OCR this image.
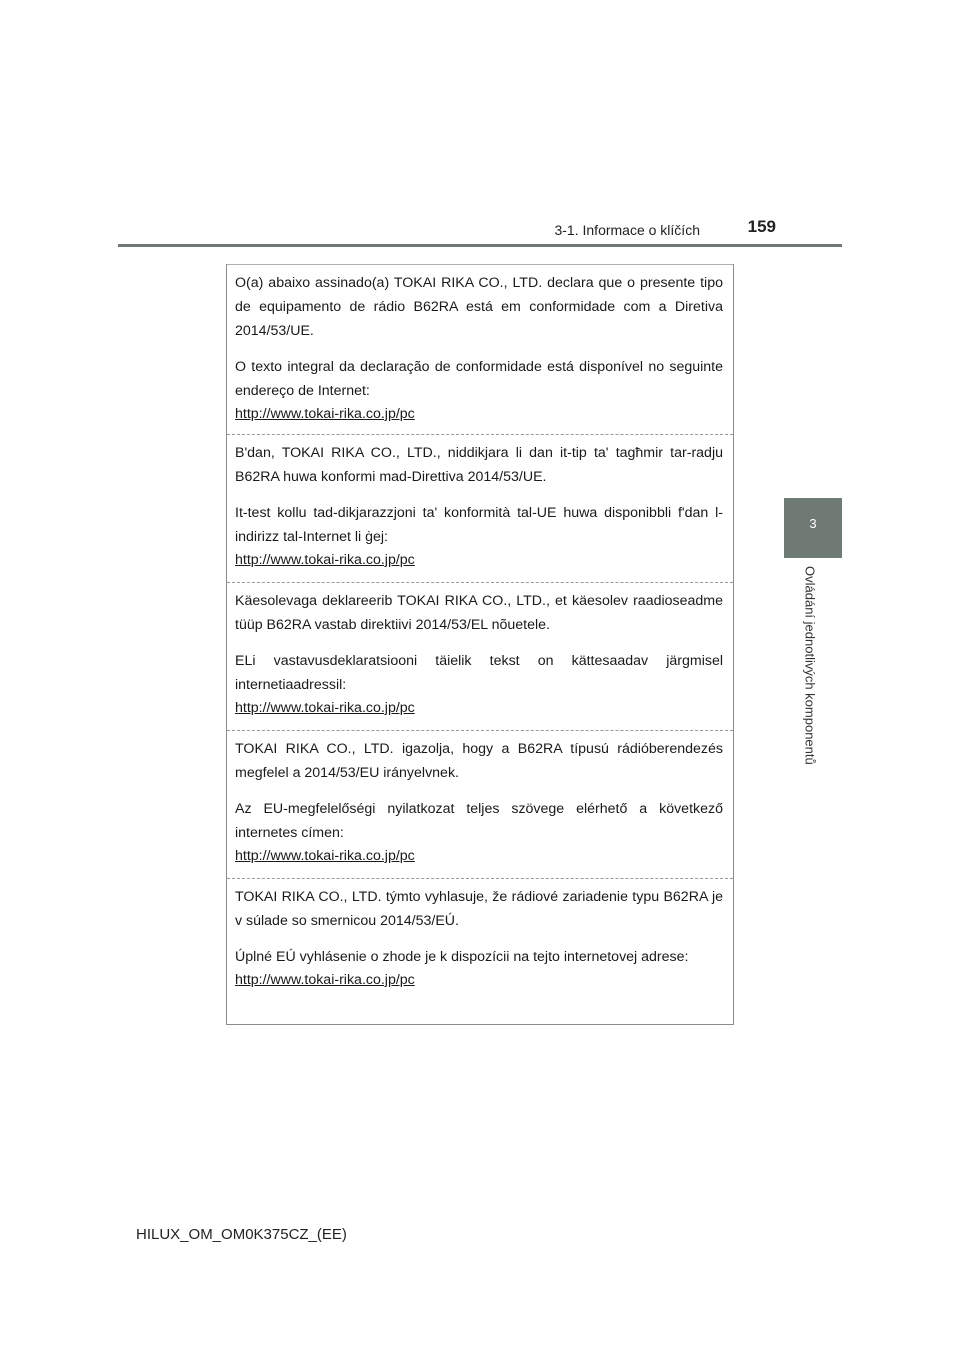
3-1. Informace o klíčích	159
3
Ovládání jednotlivých komponentů

O(a) abaixo assinado(a) TOKAI RIKA CO., LTD. declara que o presente tipo de equipamento de rádio B62RA está em conformidade com a Diretiva 2014/53/UE.

O texto integral da declaração de conformidade está disponível no seguinte endereço de Internet:

http://www.tokai-rika.co.jp/pc

B'dan, TOKAI RIKA CO., LTD., niddikjara li dan it-tip ta' tagħmir tar-radju B62RA huwa konformi mad-Direttiva 2014/53/UE.

It-test kollu tad-dikjarazzjoni ta' konformità tal-UE huwa disponibbli f'dan l-indirizz tal-Internet li ġej:

http://www.tokai-rika.co.jp/pc

Käesolevaga deklareerib TOKAI RIKA CO., LTD., et käesolev raadioseadme tüüp B62RA vastab direktiivi 2014/53/EL nõuetele.

ELi vastavusdeklaratsiooni täielik tekst on kättesaadav järgmisel internetiaadressil:

http://www.tokai-rika.co.jp/pc

TOKAI RIKA CO., LTD. igazolja, hogy a B62RA típusú rádióberendezés megfelel a 2014/53/EU irányelvnek.

Az EU-megfelelőségi nyilatkozat teljes szövege elérhető a következő internetes címen:

http://www.tokai-rika.co.jp/pc

TOKAI RIKA CO., LTD. týmto vyhlasuje, že rádiové zariadenie typu B62RA je v súlade so smernicou 2014/53/EÚ.

Úplné EÚ vyhlásenie o zhode je k dispozícii na tejto internetovej adrese:

http://www.tokai-rika.co.jp/pc
HILUX_OM_OM0K375CZ_(EE)
